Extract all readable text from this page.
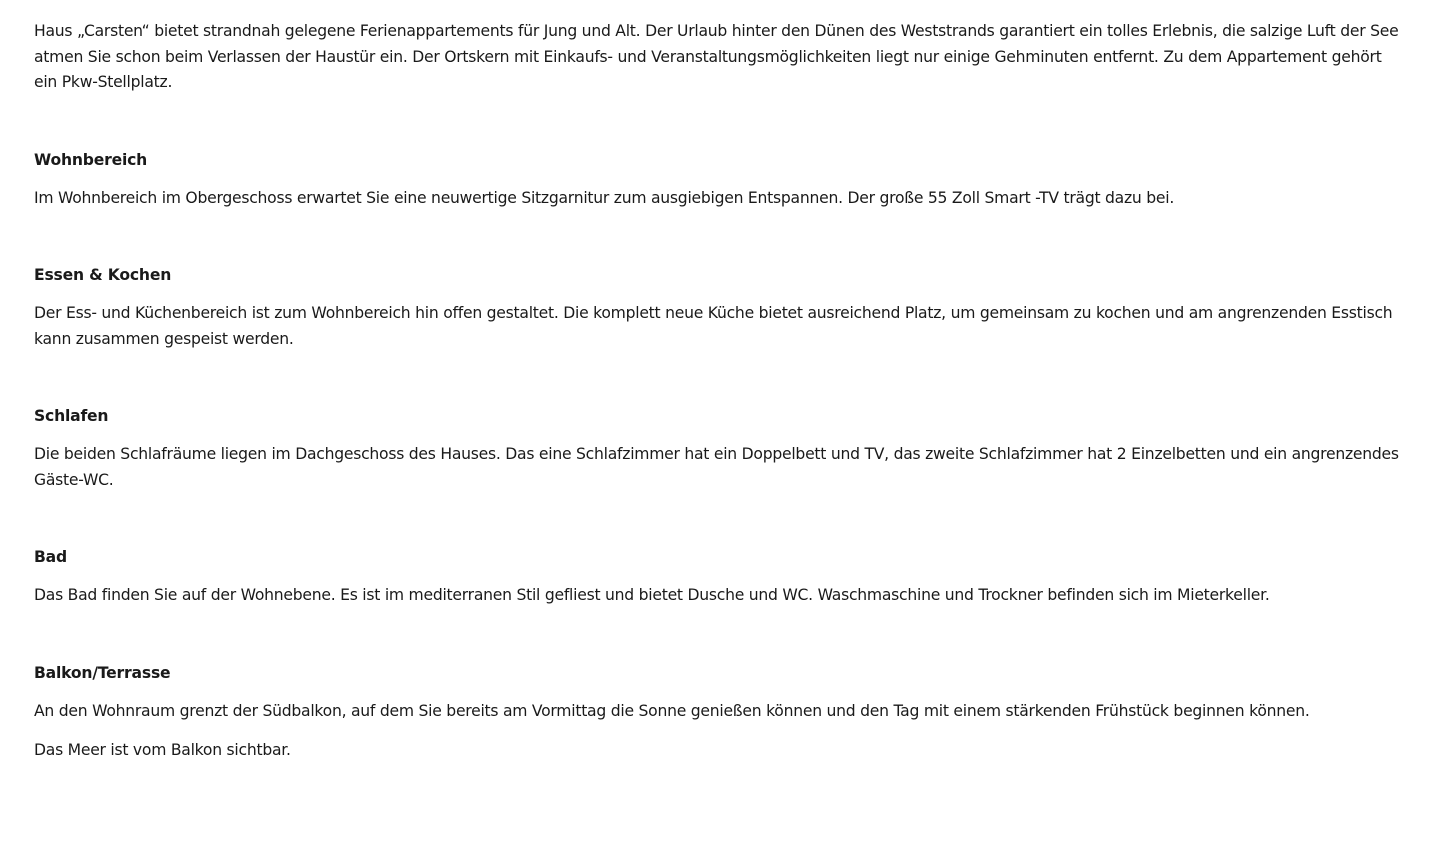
Haus „Carsten“ bietet strandnah gelegene Ferienappartements für Jung und Alt. Der Urlaub hinter den Dünen des Weststrands garantiert ein tolles Erlebnis, die salzige Luft der See atmen Sie schon beim Verlassen der Haustür ein. Der Ortskern mit Einkaufs- und Veranstaltungsmöglichkeiten liegt nur einige Gehminuten entfernt. Zu dem Appartement gehört ein Pkw-Stellplatz.

Wohnbereich

Im Wohnbereich im Obergeschoss erwartet Sie eine neuwertige Sitzgarnitur zum ausgiebigen Entspannen. Der große 55 Zoll Smart -TV trägt dazu bei.

Essen & Kochen

Der Ess- und Küchenbereich ist zum Wohnbereich hin offen gestaltet. Die komplett neue Küche bietet ausreichend Platz, um gemeinsam zu kochen und am angrenzenden Esstisch kann zusammen gespeist werden.

Schlafen

Die beiden Schlafräume liegen im Dachgeschoss des Hauses. Das eine Schlafzimmer hat ein Doppelbett und TV, das zweite Schlafzimmer hat 2 Einzelbetten und ein angrenzendes Gäste-WC.

Bad

Das Bad finden Sie auf der Wohnebene. Es ist im mediterranen Stil gefliest und bietet Dusche und WC. Waschmaschine und Trockner befinden sich im Mieterkeller.

Balkon/Terrasse

An den Wohnraum grenzt der Südbalkon, auf dem Sie bereits am Vormittag die Sonne genießen können und den Tag mit einem stärkenden Frühstück beginnen können.

Das Meer ist vom Balkon sichtbar.
